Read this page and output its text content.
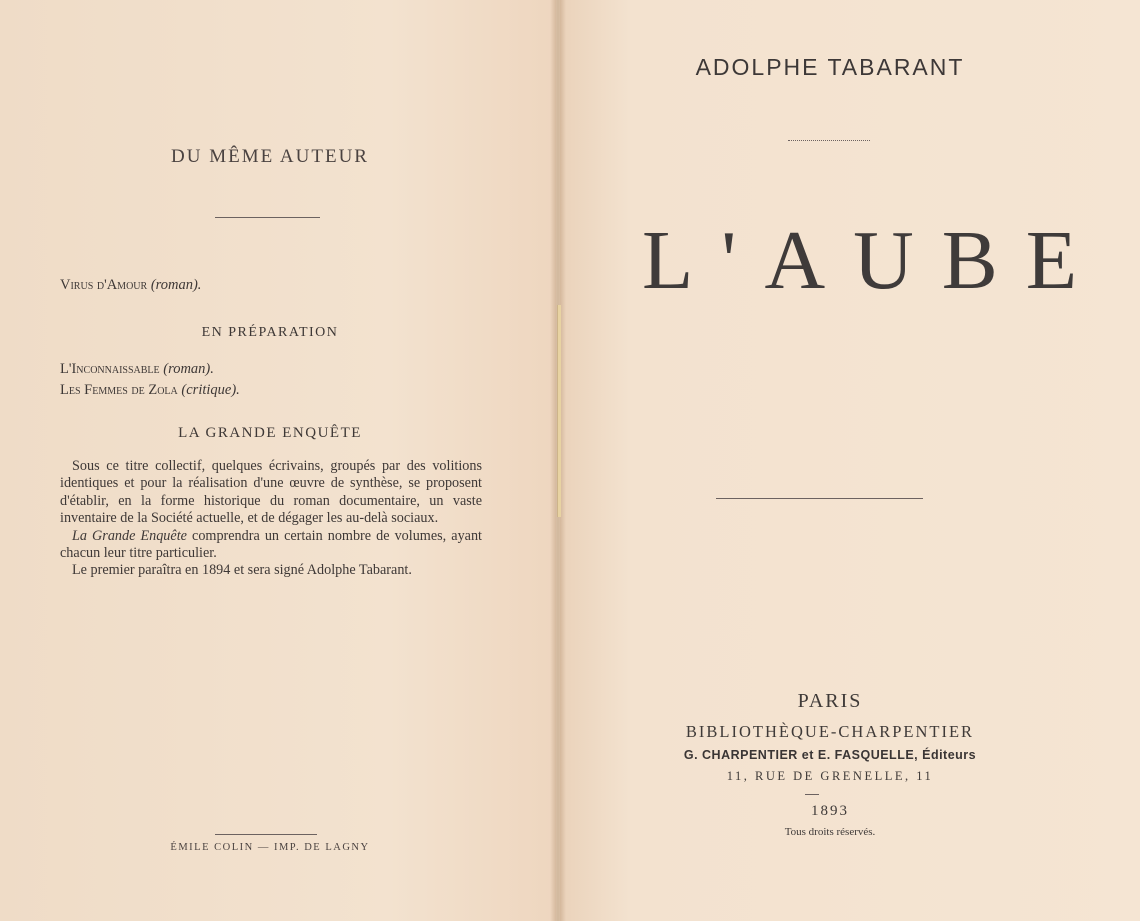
DU MÊME AUTEUR
Virus d'Amour (roman).
EN PRÉPARATION
L'Inconnaissable (roman).
Les Femmes de Zola (critique).
LA GRANDE ENQUÊTE

Sous ce titre collectif, quelques écrivains, groupés par des volitions identiques et pour la réalisation d'une œuvre de synthèse, se proposent d'établir, en la forme historique du roman documentaire, un vaste inventaire de la Société actuelle, et de dégager les au-delà sociaux.

La Grande Enquête comprendra un certain nombre de volumes, ayant chacun leur titre particulier.

Le premier paraîtra en 1894 et sera signé Adolphe Tabarant.

ÉMILE COLIN — IMP. DE LAGNY
ADOLPHE TABARANT
L'AUBE
PARIS
BIBLIOTHÈQUE-CHARPENTIER
G. CHARPENTIER et E. FASQUELLE, Éditeurs
11, RUE DE GRENELLE, 11
1893
Tous droits réservés.
